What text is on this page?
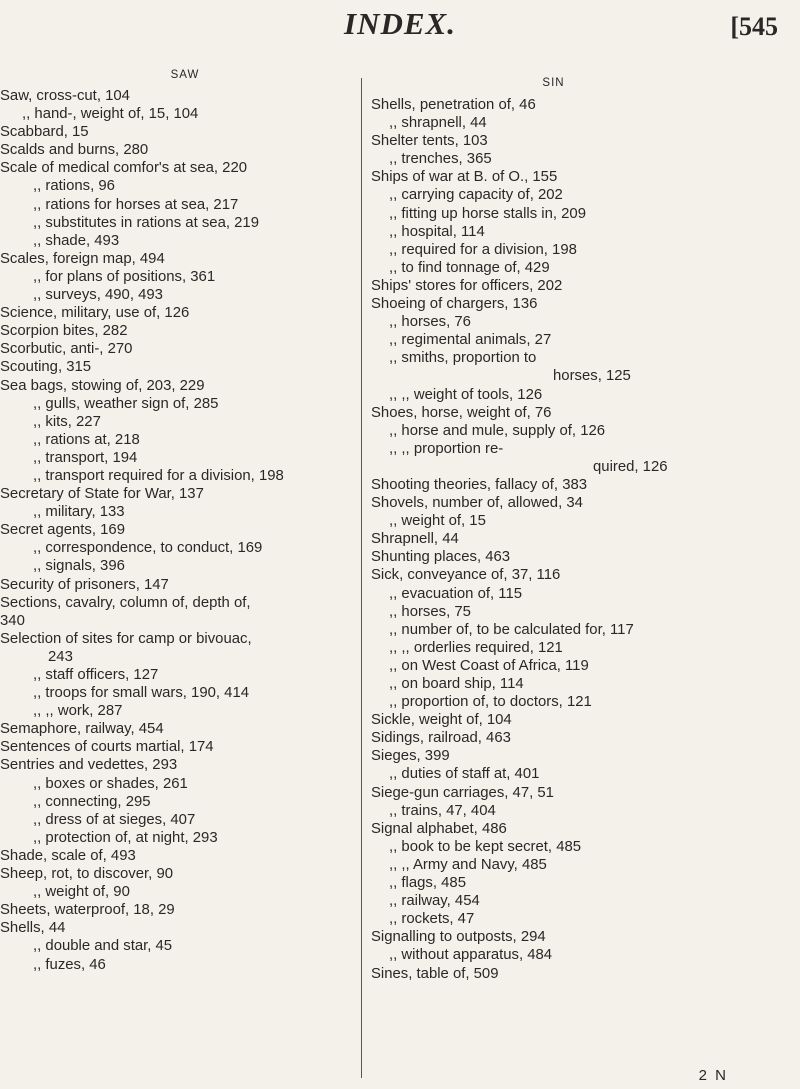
INDEX.	[545
SAW
Saw, cross-cut, 104
,, hand-, weight of, 15, 104
Scabbard, 15
Scalds and burns, 280
Scale of medical comfor's at sea, 220
,, rations, 96
,, rations for horses at sea, 217
,, substitutes in rations at sea, 219
,, shade, 493
Scales, foreign map, 494
,, for plans of positions, 361
,, surveys, 490, 493
Science, military, use of, 126
Scorpion bites, 282
Scorbutic, anti-, 270
Scouting, 315
Sea bags, stowing of, 203, 229
,, gulls, weather sign of, 285
,, kits, 227
,, rations at, 218
,, transport, 194
,, transport required for a division, 198
Secretary of State for War, 137
,, military, 133
Secret agents, 169
,, correspondence, to conduct, 169
,, signals, 396
Security of prisoners, 147
Sections, cavalry, column of, depth of,
340
Selection of sites for camp or bivouac,
243
,, staff officers, 127
,, troops for small wars, 190, 414
,, ,, work, 287
Semaphore, railway, 454
Sentences of courts martial, 174
Sentries and vedettes, 293
,, boxes or shades, 261
,, connecting, 295
,, dress of at sieges, 407
,, protection of, at night, 293
Shade, scale of, 493
Sheep, rot, to discover, 90
,, weight of, 90
Sheets, waterproof, 18, 29
Shells, 44
,, double and star, 45
,, fuzes, 46
SIN
Shells, penetration of, 46
,, shrapnell, 44
Shelter tents, 103
,, trenches, 365
Ships of war at B. of O., 155
,, carrying capacity of, 202
,, fitting up horse stalls in, 209
,, hospital, 114
,, required for a division, 198
,, to find tonnage of, 429
Ships' stores for officers, 202
Shoeing of chargers, 136
,, horses, 76
,, regimental animals, 27
,, smiths, proportion to
horses, 125
,, ,, weight of tools, 126
Shoes, horse, weight of, 76
,, horse and mule, supply of, 126
,, ,, proportion re-
quired, 126
Shooting theories, fallacy of, 383
Shovels, number of, allowed, 34
,, weight of, 15
Shrapnell, 44
Shunting places, 463
Sick, conveyance of, 37, 116
,, evacuation of, 115
,, horses, 75
,, number of, to be calculated for, 117
,, ,, orderlies required, 121
,, on West Coast of Africa, 119
,, on board ship, 114
,, proportion of, to doctors, 121
Sickle, weight of, 104
Sidings, railroad, 463
Sieges, 399
,, duties of staff at, 401
Siege-gun carriages, 47, 51
,, trains, 47, 404
Signal alphabet, 486
,, book to be kept secret, 485
,, ,, Army and Navy, 485
,, flags, 485
,, railway, 454
,, rockets, 47
Signalling to outposts, 294
,, without apparatus, 484
Sines, table of, 509
2 N
